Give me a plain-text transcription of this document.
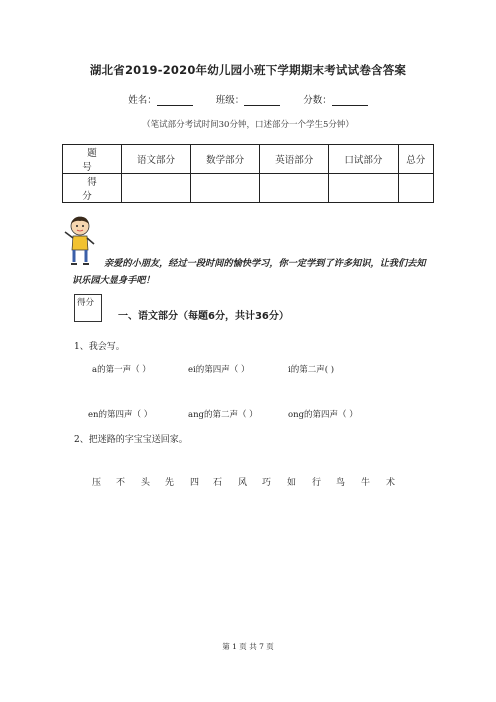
湖北省2019-2020年幼儿园小班下学期期末考试试卷含答案
姓名：	班级：	分数：
（笔试部分考试时间30分钟，口述部分一个学生5分钟）
题 号	语文部分	数学部分	英语部分	口试部分	总分
得 分					
亲爱的小朋友，经过一段时间的愉快学习，你一定学到了许多知识，让我们去知识乐园大显身手吧！
得分
一、语文部分（每题6分，共计36分）
1、我会写。
a的第一声（ ）	ei的第四声（ ）	i的第二声( )
en的第四声（ ）	ang的第二声（ ）	ong的第四声（ ）
2、把迷路的字宝宝送回家。
压 不 头 先 四 石 风 巧 如 行 鸟 牛 术
第 1 页 共 7 页
